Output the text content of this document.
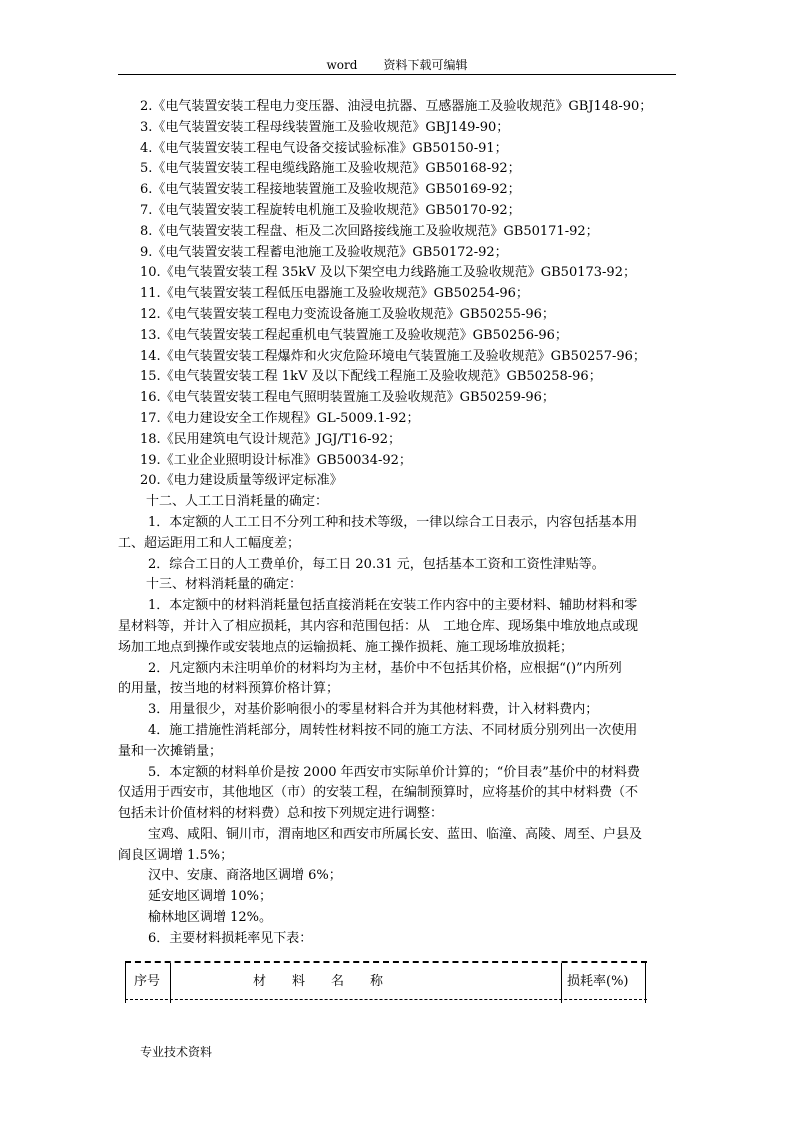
word 资料下载可编辑
2.《电气装置安装工程电力变压器、油浸电抗器、互感器施工及验收规范》GBJ148-90；
3.《电气装置安装工程母线装置施工及验收规范》GBJ149-90；
4.《电气装置安装工程电气设备交接试验标准》GB50150-91；
5.《电气装置安装工程电缆线路施工及验收规范》GB50168-92；
6.《电气装置安装工程接地装置施工及验收规范》GB50169-92；
7.《电气装置安装工程旋转电机施工及验收规范》GB50170-92；
8.《电气装置安装工程盘、柜及二次回路接线施工及验收规范》GB50171-92；
9.《电气装置安装工程蓄电池施工及验收规范》GB50172-92；
10.《电气装置安装工程 35kV 及以下架空电力线路施工及验收规范》GB50173-92；
11.《电气装置安装工程低压电器施工及验收规范》GB50254-96；
12.《电气装置安装工程电力变流设备施工及验收规范》GB50255-96；
13.《电气装置安装工程起重机电气装置施工及验收规范》GB50256-96；
14.《电气装置安装工程爆炸和火灾危险环境电气装置施工及验收规范》GB50257-96；
15.《电气装置安装工程 1kV 及以下配线工程施工及验收规范》GB50258-96；
16.《电气装置安装工程电气照明装置施工及验收规范》GB50259-96；
17.《电力建设安全工作规程》GL-5009.1-92；
18.《民用建筑电气设计规范》JGJ/T16-92；
19.《工业企业照明设计标准》GB50034-92；
20.《电力建设质量等级评定标准》
十二、人工工日消耗量的确定：
1．本定额的人工工日不分列工种和技术等级，一律以综合工日表示，内容包括基本用
工、超运距用工和人工幅度差；
2．综合工日的人工费单价，每工日 20.31 元，包括基本工资和工资性津贴等。
十三、材料消耗量的确定：
1．本定额中的材料消耗量包括直接消耗在安装工作内容中的主要材料、辅助材料和零
星材料等，并计入了相应损耗，其内容和范围包括：从　工地仓库、现场集中堆放地点或现
场加工地点到操作或安装地点的运输损耗、施工操作损耗、施工现场堆放损耗；
2．凡定额内未注明单价的材料均为主材，基价中不包括其价格，应根据“()”内所列
的用量，按当地的材料预算价格计算；
3．用量很少，对基价影响很小的零星材料合并为其他材料费，计入材料费内；
4．施工措施性消耗部分，周转性材料按不同的施工方法、不同材质分别列出一次使用
量和一次摊销量；
5．本定额的材料单价是按 2000 年西安市实际单价计算的；“价目表”基价中的材料费
仅适用于西安市，其他地区（市）的安装工程，在编制预算时，应将基价的其中材料费（不
包括未计价值材料的材料费）总和按下列规定进行调整：
宝鸡、咸阳、铜川市，渭南地区和西安市所属长安、蓝田、临潼、高陵、周至、户县及
阎良区调增 1.5%；
汉中、安康、商洛地区调增 6%；
延安地区调增 10%；
榆林地区调增 12%。
6．主要材料损耗率见下表：
序号	材　　料　　名　　称	损耗率(%)
专业技术资料
